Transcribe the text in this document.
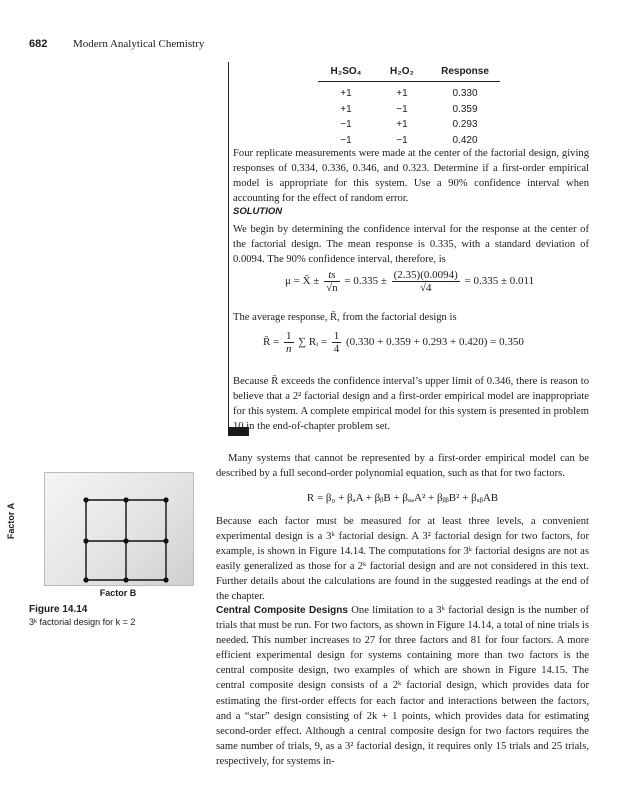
682 Modern Analytical Chemistry
H₂SO₄	H₂O₂	Response

+1	+1	0.330
+1	−1	0.359
−1	+1	0.293
−1	−1	0.420
Four replicate measurements were made at the center of the factorial design, giving responses of 0.334, 0.336, 0.346, and 0.323. Determine if a first-order empirical model is appropriate for this system. Use a 90% confidence interval when accounting for the effect of random error.
SOLUTION
We begin by determining the confidence interval for the response at the center of the factorial design. The mean response is 0.335, with a standard deviation of 0.0094. The 90% confidence interval, therefore, is
μ = X̄ ± $\frac{ts}{√n} = 0.335 \pm \frac{(2.35)(0.0094)}{√4} = 0.335 \pm 0.011$
The average response, R̄, from the factorial design is
R̄ = $\frac{1}{n}$ ∑ Rᵢ = $\frac{1}{4} (0.330 + 0.359 + 0.293 + 0.420) = 0.350$
Because R̄ exceeds the confidence interval’s upper limit of 0.346, there is reason to believe that a 2² factorial design and a first-order empirical model are inappropriate for this system. A complete empirical model for this system is presented in problem 10 in the end-of-chapter problem set.
Many systems that cannot be represented by a first-order empirical model can be described by a full second-order polynomial equation, such as that for two factors.
R = β₀ + βₐA + βᵦB + βₐₐA² + βᵦᵦB² + βₐᵦAB
Because each factor must be measured for at least three levels, a convenient experimental design is a 3ᵏ factorial design. A 3² factorial design for two factors, for example, is shown in Figure 14.14. The computations for 3ᵏ factorial designs are not as easily generalized as those for a 2ᵏ factorial design and are not considered in this text. Further details about the calculations are found in the suggested readings at the end of the chapter.
Central Composite Designs One limitation to a 3ᵏ factorial design is the number of trials that must be run. For two factors, as shown in Figure 14.14, a total of nine trials is needed. This number increases to 27 for three factors and 81 for four factors. A more efficient experimental design for systems containing more than two factors is the central composite design, two examples of which are shown in Figure 14.15. The central composite design consists of a 2ᵏ factorial design, which provides data for estimating the first-order effects for each factor and interactions between the factors, and a “star” design consisting of 2k + 1 points, which provides data for estimating second-order effect. Although a central composite design for two factors requires the same number of trials, 9, as a 3² factorial design, it requires only 15 trials and 25 trials, respectively, for systems in-
Factor A
Factor B
Figure 14.14
3ᵏ factorial design for k = 2
